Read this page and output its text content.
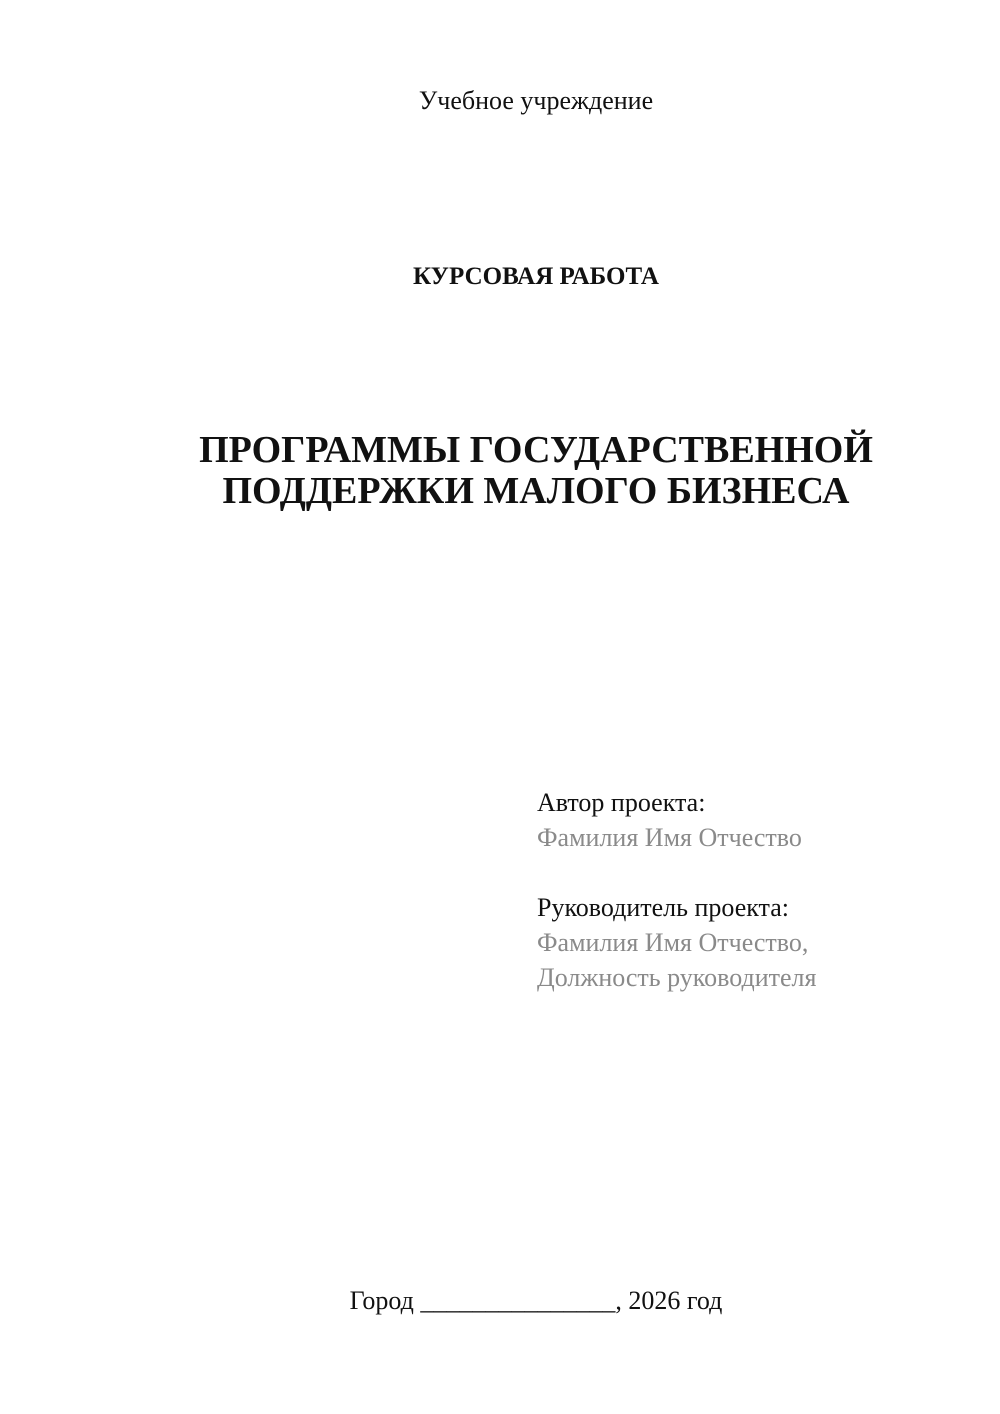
Учебное учреждение
КУРСОВАЯ РАБОТА
ПРОГРАММЫ ГОСУДАРСТВЕННОЙ ПОДДЕРЖКИ МАЛОГО БИЗНЕСА
Автор проекта:
Фамилия Имя Отчество
Руководитель проекта:
Фамилия Имя Отчество,
Должность руководителя
Город _______________, 2026 год
